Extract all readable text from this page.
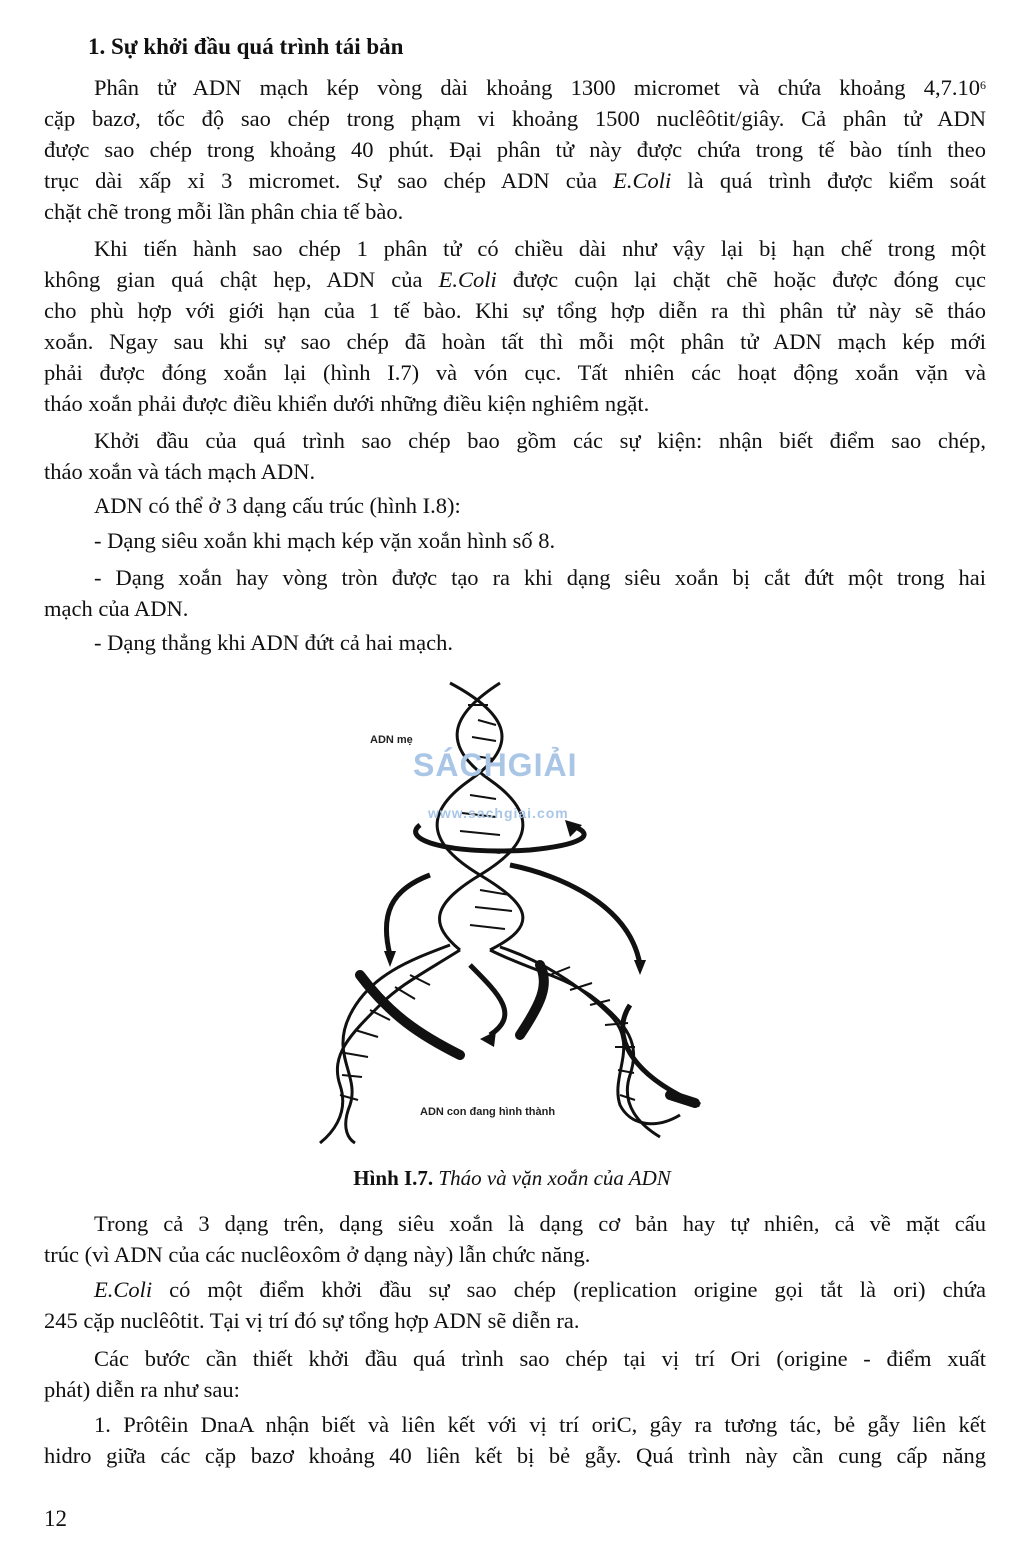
1. Sự khởi đầu quá trình tái bản
Phân tử ADN mạch kép vòng dài khoảng 1300 micromet và chứa khoảng 4,7.10$^6$
cặp bazơ, tốc độ sao chép trong phạm vi khoảng 1500 nuclêôtit/giây. Cả phân tử ADN
được sao chép trong khoảng 40 phút. Đại phân tử này được chứa trong tế bào tính theo
trục dài xấp xỉ 3 micromet. Sự sao chép ADN của E.Coli là quá trình được kiểm soát
chặt chẽ trong mỗi lần phân chia tế bào.
Khi tiến hành sao chép 1 phân tử có chiều dài như vậy lại bị hạn chế trong một
không gian quá chật hẹp, ADN của E.Coli được cuộn lại chặt chẽ hoặc được đóng cục
cho phù hợp với giới hạn của 1 tế bào. Khi sự tổng hợp diễn ra thì phân tử này sẽ tháo
xoắn. Ngay sau khi sự sao chép đã hoàn tất thì mỗi một phân tử ADN mạch kép mới
phải được đóng xoắn lại (hình I.7) và vón cục. Tất nhiên các hoạt động xoắn vặn và
tháo xoắn phải được điều khiển dưới những điều kiện nghiêm ngặt.
Khởi đầu của quá trình sao chép bao gồm các sự kiện: nhận biết điểm sao chép,
tháo xoắn và tách mạch ADN.
ADN có thể ở 3 dạng cấu trúc (hình I.8):
- Dạng siêu xoắn khi mạch kép vặn xoắn hình số 8.
- Dạng xoắn hay vòng tròn được tạo ra khi dạng siêu xoắn bị cắt đứt một trong hai
mạch của ADN.
- Dạng thẳng khi ADN đứt cả hai mạch.
ADN mẹ
ADN con đang hình thành
SÁCHGIẢI
www.sachgiai.com
Hình I.7. Tháo và vặn xoắn của ADN
Trong cả 3 dạng trên, dạng siêu xoắn là dạng cơ bản hay tự nhiên, cả về mặt cấu
trúc (vì ADN của các nuclêoxôm ở dạng này) lẫn chức năng.
E.Coli có một điểm khởi đầu sự sao chép (replication origine gọi tắt là ori) chứa
245 cặp nuclêôtit. Tại vị trí đó sự tổng hợp ADN sẽ diễn ra.
Các bước cần thiết khởi đầu quá trình sao chép tại vị trí Ori (origine - điểm xuất
phát) diễn ra như sau:
1. Prôtêin DnaA nhận biết và liên kết với vị trí oriC, gây ra tương tác, bẻ gẫy liên kết
hidro giữa các cặp bazơ khoảng 40 liên kết bị bẻ gẫy. Quá trình này cần cung cấp năng
12
